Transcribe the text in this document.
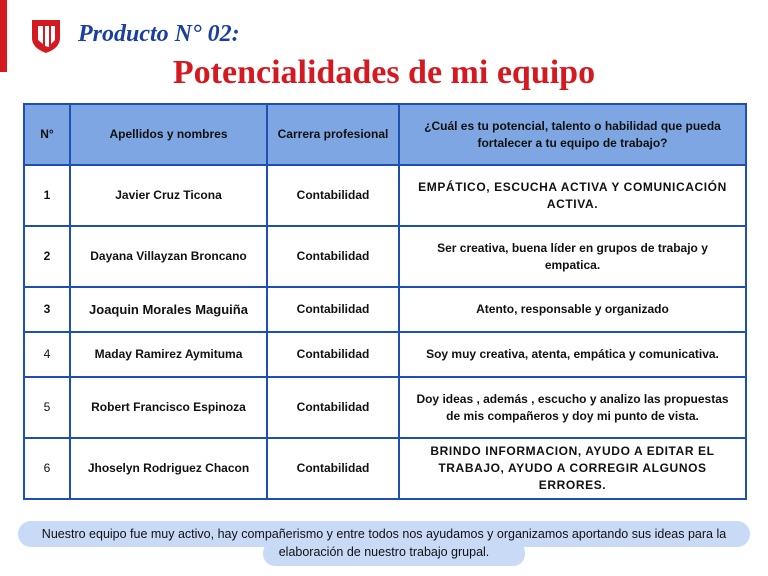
Producto N° 02:
Potencialidades de mi equipo
N°	Apellidos y nombres	Carrera profesional	¿Cuál es tu potencial, talento o habilidad que pueda fortalecer a tu equipo de trabajo?
1	Javier Cruz Ticona	Contabilidad	EMPÁTICO, ESCUCHA ACTIVA Y COMUNICACIÓN ACTIVA.
2	Dayana Villayzan Broncano	Contabilidad	Ser creativa, buena líder en grupos de trabajo y empatica.
3	Joaquin Morales Maguiña	Contabilidad	Atento, responsable y organizado
4	Maday Ramirez Aymituma	Contabilidad	Soy muy creativa, atenta, empática y comunicativa.
5	Robert Francisco Espinoza	Contabilidad	Doy ideas , además , escucho y analizo las propuestas de mis compañeros y doy mi punto de vista.
6	Jhoselyn Rodriguez Chacon	Contabilidad	BRINDO INFORMACION, AYUDO A EDITAR EL TRABAJO, AYUDO A CORREGIR ALGUNOS ERRORES.
Nuestro equipo fue muy activo, hay compañerismo y entre todos nos ayudamos y organizamos aportando sus ideas para la elaboración de nuestro trabajo grupal.
